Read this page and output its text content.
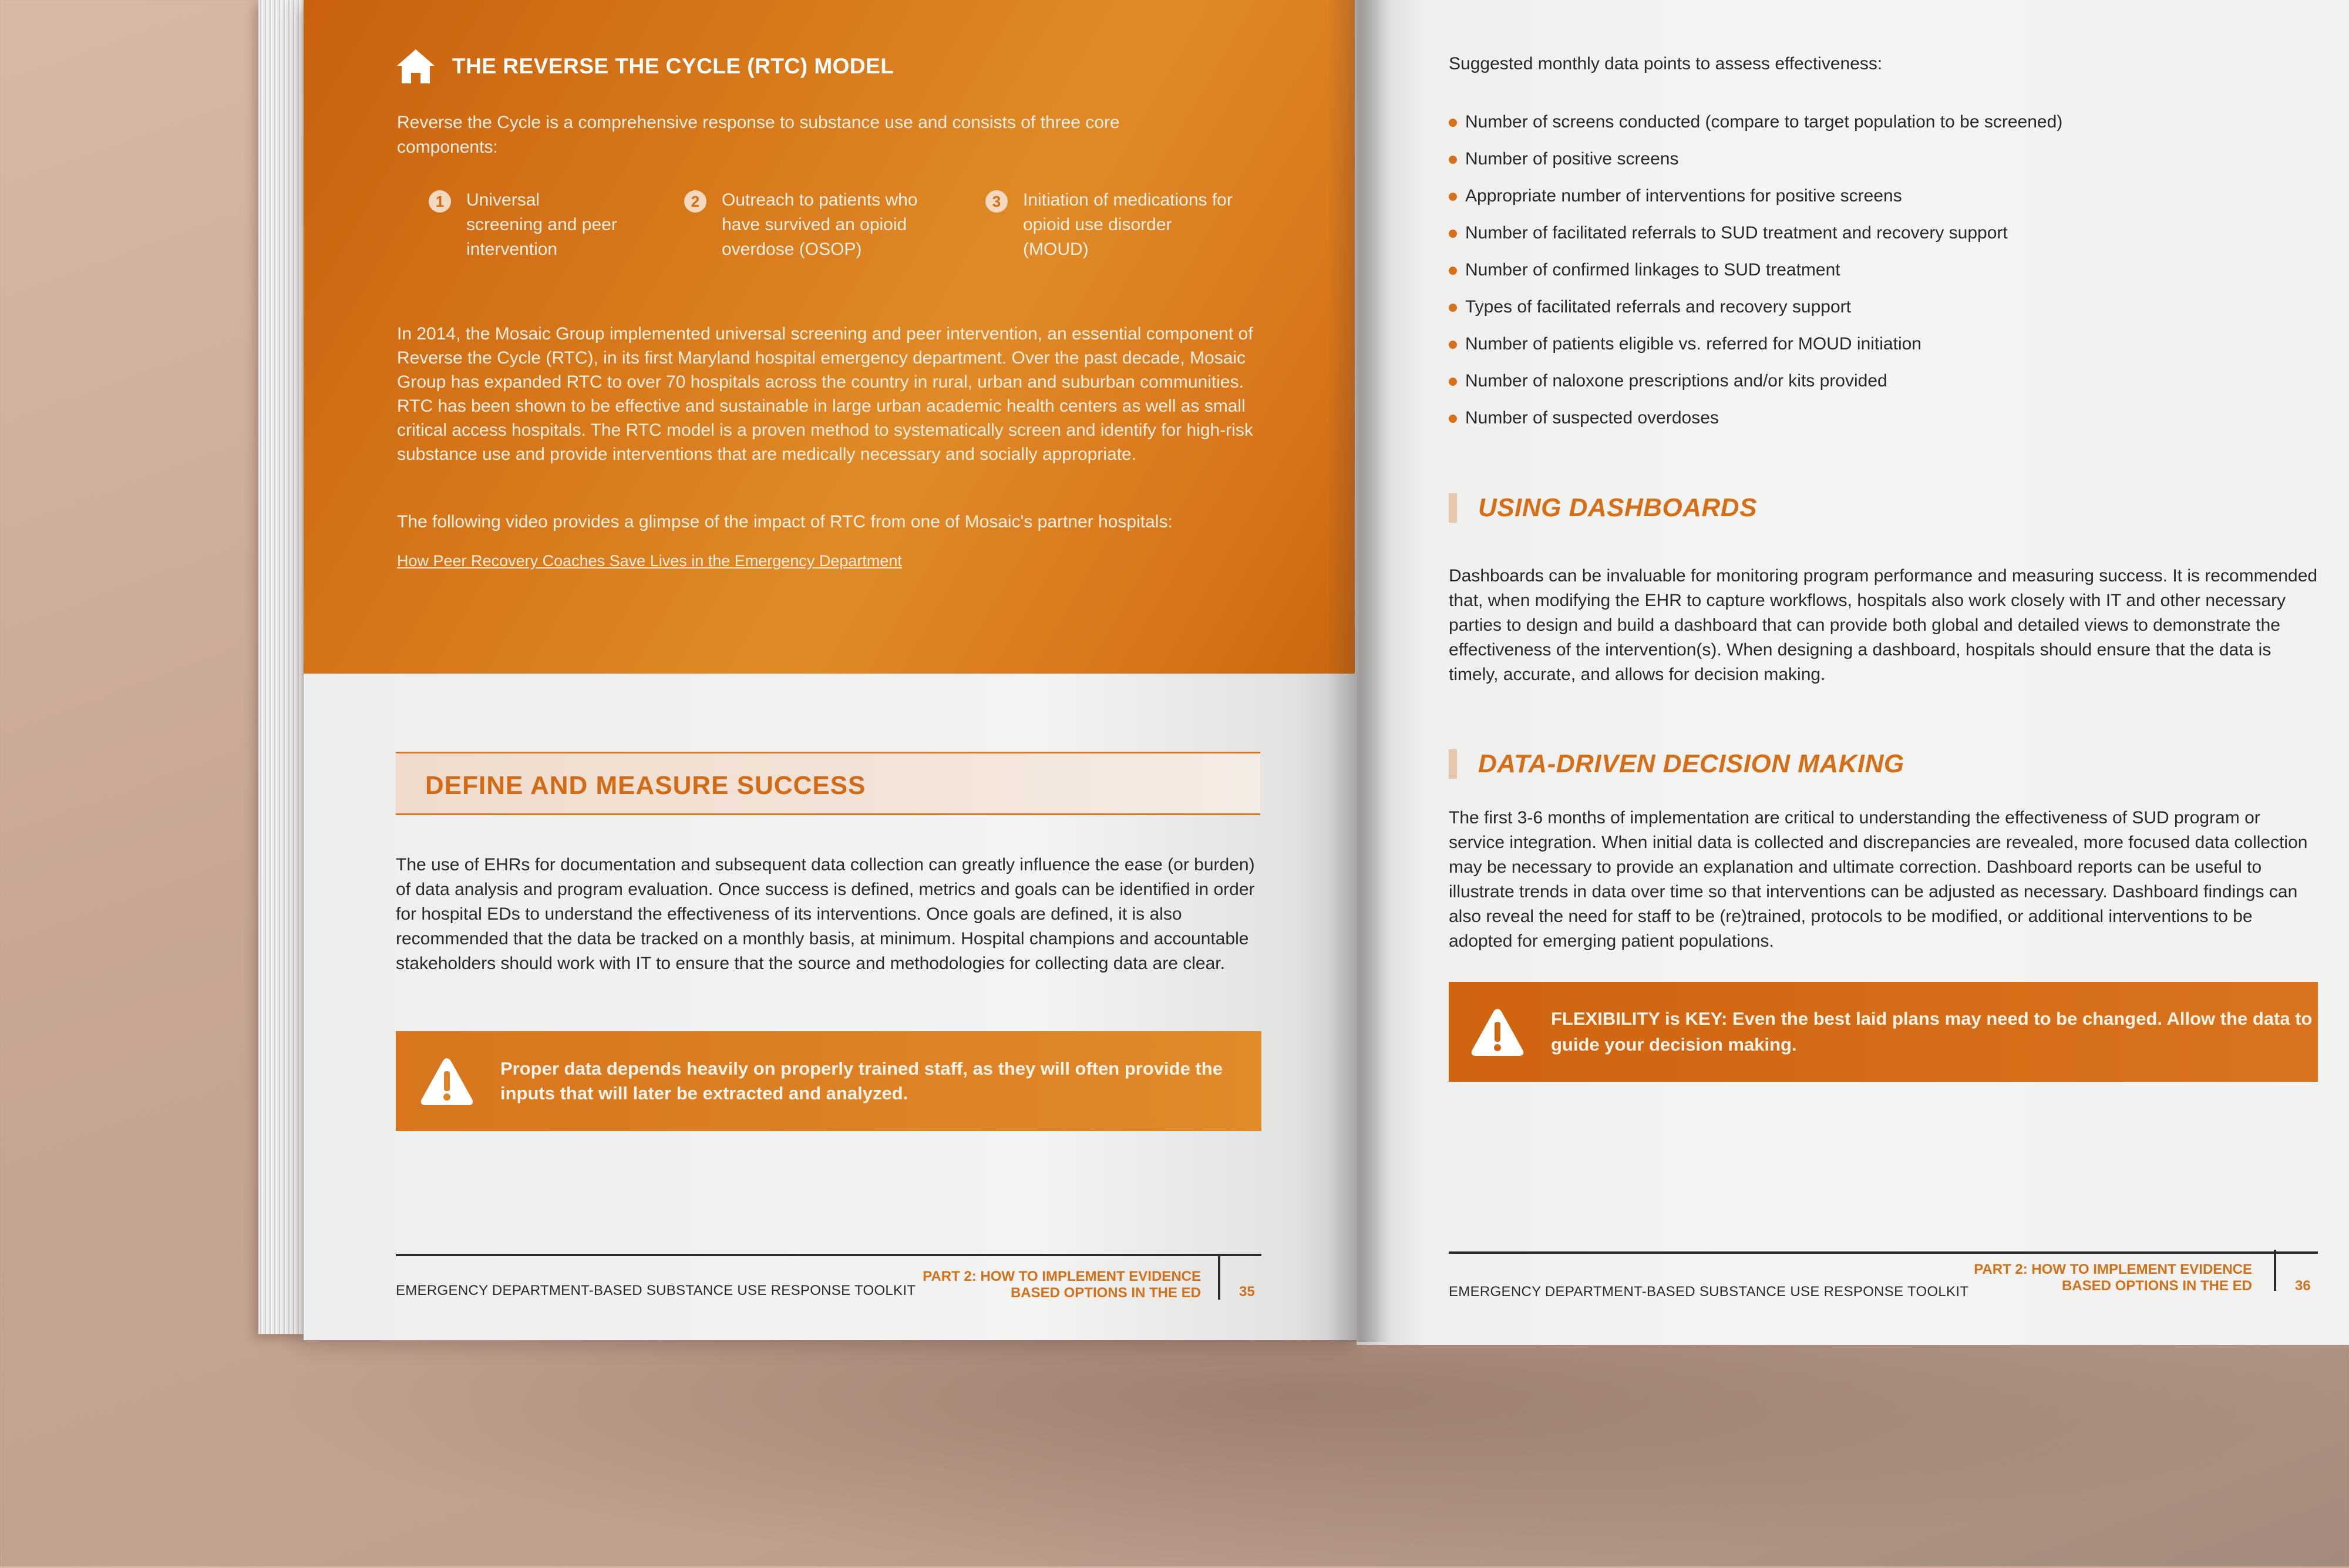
THE REVERSE THE CYCLE (RTC) MODEL
Reverse the Cycle is a comprehensive response to substance use and consists of three core components:
1	Universal screening and peer intervention
2	Outreach to patients who have survived an opioid overdose (OSOP)
3	Initiation of medications for opioid use disorder (MOUD)
In 2014, the Mosaic Group implemented universal screening and peer intervention, an essential component of Reverse the Cycle (RTC), in its first Maryland hospital emergency department. Over the past decade, Mosaic Group has expanded RTC to over 70 hospitals across the country in rural, urban and suburban communities. RTC has been shown to be effective and sustainable in large urban academic health centers as well as small critical access hospitals. The RTC model is a proven method to systematically screen and identify for high-risk substance use and provide interventions that are medically necessary and socially appropriate.
The following video provides a glimpse of the impact of RTC from one of Mosaic's partner hospitals:
How Peer Recovery Coaches Save Lives in the Emergency Department
DEFINE AND MEASURE SUCCESS
The use of EHRs for documentation and subsequent data collection can greatly influence the ease (or burden) of data analysis and program evaluation. Once success is defined, metrics and goals can be identified in order for hospital EDs to understand the effectiveness of its interventions. Once goals are defined, it is also recommended that the data be tracked on a monthly basis, at minimum. Hospital champions and accountable stakeholders should work with IT to ensure that the source and methodologies for collecting data are clear.
Proper data depends heavily on properly trained staff, as they will often provide the inputs that will later be extracted and analyzed.
EMERGENCY DEPARTMENT-BASED SUBSTANCE USE RESPONSE TOOLKIT
PART 2: HOW TO IMPLEMENT EVIDENCE
BASED OPTIONS IN THE ED	35
Suggested monthly data points to assess effectiveness:
Number of screens conducted (compare to target population to be screened)
Number of positive screens
Appropriate number of interventions for positive screens
Number of facilitated referrals to SUD treatment and recovery support
Number of confirmed linkages to SUD treatment
Types of facilitated referrals and recovery support
Number of patients eligible vs. referred for MOUD initiation
Number of naloxone prescriptions and/or kits provided
Number of suspected overdoses
USING DASHBOARDS
Dashboards can be invaluable for monitoring program performance and measuring success. It is recommended that, when modifying the EHR to capture workflows, hospitals also work closely with IT and other necessary parties to design and build a dashboard that can provide both global and detailed views to demonstrate the effectiveness of the intervention(s). When designing a dashboard, hospitals should ensure that the data is timely, accurate, and allows for decision making.
DATA-DRIVEN DECISION MAKING
The first 3-6 months of implementation are critical to understanding the effectiveness of SUD program or service integration. When initial data is collected and discrepancies are revealed, more focused data collection may be necessary to provide an explanation and ultimate correction. Dashboard reports can be useful to illustrate trends in data over time so that interventions can be adjusted as necessary. Dashboard findings can also reveal the need for staff to be (re)trained, protocols to be modified, or additional interventions to be adopted for emerging patient populations.
FLEXIBILITY is KEY: Even the best laid plans may need to be changed. Allow the data to guide your decision making.
EMERGENCY DEPARTMENT-BASED SUBSTANCE USE RESPONSE TOOLKIT
PART 2: HOW TO IMPLEMENT EVIDENCE
BASED OPTIONS IN THE ED	36
